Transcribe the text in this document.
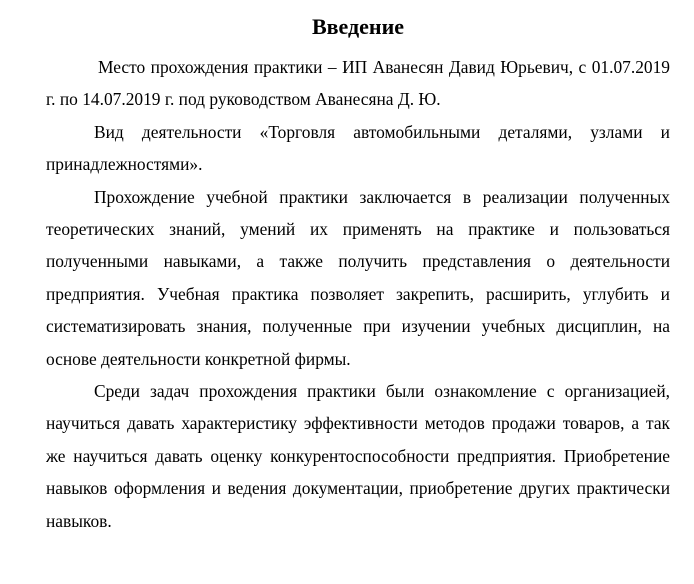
Введение

Место прохождения практики – ИП Аванесян Давид Юрьевич, с 01.07.2019 г. по 14.07.2019 г. под руководством Аванесяна Д. Ю.

Вид деятельности «Торговля автомобильными деталями, узлами и принадлежностями».

Прохождение учебной практики заключается в реализации полученных теоретических знаний, умений их применять на практике и пользоваться полученными навыками, а также получить представления о деятельности предприятия. Учебная практика позволяет закрепить, расширить, углубить и систематизировать знания, полученные при изучении учебных дисциплин, на основе деятельности конкретной фирмы.

Среди задач прохождения практики были ознакомление с организацией, научиться давать характеристику эффективности методов продажи товаров, а так же научиться давать оценку конкурентоспособности предприятия. Приобретение навыков оформления и ведения документации, приобретение других практически навыков.
